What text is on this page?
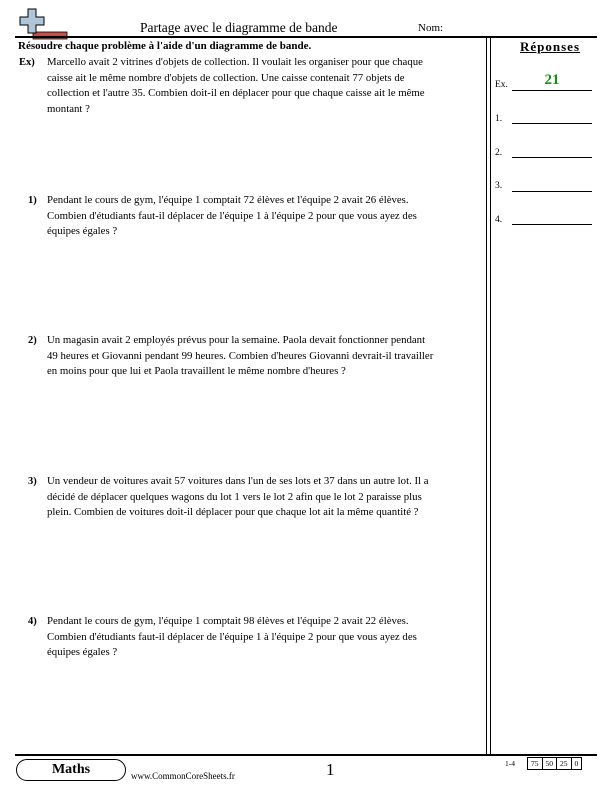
Partage avec le diagramme de bande	Nom:
Résoudre chaque problème à l'aide d'un diagramme de bande.
Ex) Marcello avait 2 vitrines d'objets de collection. Il voulait les organiser pour que chaque
caisse ait le même nombre d'objets de collection. Une caisse contenait 77 objets de
collection et l'autre 35. Combien doit-il en déplacer pour que chaque caisse ait le même
montant ?
1) Pendant le cours de gym, l'équipe 1 comptait 72 élèves et l'équipe 2 avait 26 élèves.
Combien d'étudiants faut-il déplacer de l'équipe 1 à l'équipe 2 pour que vous ayez des
équipes égales ?
2) Un magasin avait 2 employés prévus pour la semaine. Paola devait fonctionner pendant
49 heures et Giovanni pendant 99 heures. Combien d'heures Giovanni devrait-il travailler
en moins pour que lui et Paola travaillent le même nombre d'heures ?
3) Un vendeur de voitures avait 57 voitures dans l'un de ses lots et 37 dans un autre lot. Il a
décidé de déplacer quelques wagons du lot 1 vers le lot 2 afin que le lot 2 paraisse plus
plein. Combien de voitures doit-il déplacer pour que chaque lot ait la même quantité ?
4) Pendant le cours de gym, l'équipe 1 comptait 98 élèves et l'équipe 2 avait 22 élèves.
Combien d'étudiants faut-il déplacer de l'équipe 1 à l'équipe 2 pour que vous ayez des
équipes égales ?
Réponses
Ex.	21
1.
2.
3.
4.
Maths	www.CommonCoreSheets.fr	1	1-4 75	50	25	0
